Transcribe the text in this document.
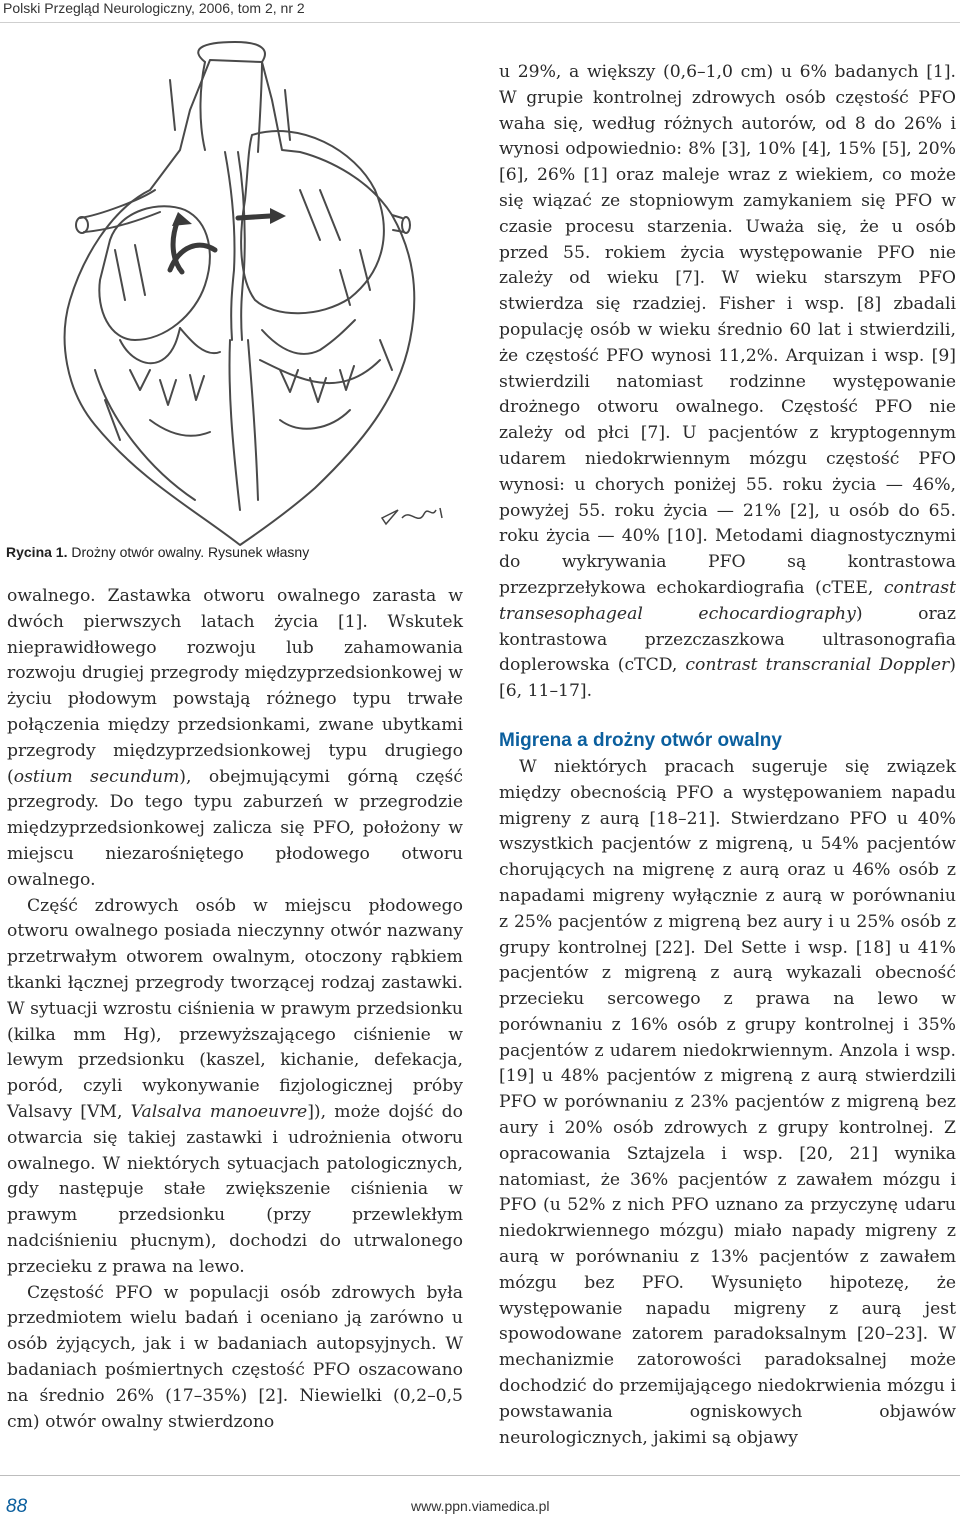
Polski Przegląd Neurologiczny, 2006, tom 2, nr 2
Rycina 1. Drożny otwór owalny. Rysunek własny

owalnego. Zastawka otworu owalnego zarasta w dwóch pierwszych latach życia [1]. Wskutek nieprawidłowego rozwoju lub zahamowania rozwoju drugiej przegrody międzyprzedsionkowej w życiu płodowym powstają różnego typu trwałe połączenia między przedsionkami, zwane ubytkami przegrody międzyprzedsionkowej typu drugiego (ostium secundum), obejmującymi górną część przegrody. Do tego typu zaburzeń w przegrodzie międzyprzedsionkowej zalicza się PFO, położony w miejscu niezarośniętego płodowego otworu owalnego.

Część zdrowych osób w miejscu płodowego otworu owalnego posiada nieczynny otwór nazwany przetrwałym otworem owalnym, otoczony rąbkiem tkanki łącznej przegrody tworzącej rodzaj zastawki. W sytuacji wzrostu ciśnienia w prawym przedsionku (kilka mm Hg), przewyższającego ciśnienie w lewym przedsionku (kaszel, kichanie, defekacja, poród, czyli wykonywanie fizjologicznej próby Valsavy [VM, Valsalva manoeuvre]), może dojść do otwarcia się takiej zastawki i udrożnienia otworu owalnego. W niektórych sytuacjach patologicznych, gdy następuje stałe zwiększenie ciśnienia w prawym przedsionku (przy przewlekłym nadciśnieniu płucnym), dochodzi do utrwalonego przecieku z prawa na lewo.

Częstość PFO w populacji osób zdrowych była przedmiotem wielu badań i oceniano ją zarówno u osób żyjących, jak i w badaniach autopsyjnych. W badaniach pośmiertnych częstość PFO oszacowano na średnio 26% (17–35%) [2]. Niewielki (0,2–0,5 cm) otwór owalny stwierdzono

u 29%, a większy (0,6–1,0 cm) u 6% badanych [1]. W grupie kontrolnej zdrowych osób częstość PFO waha się, według różnych autorów, od 8 do 26% i wynosi odpowiednio: 8% [3], 10% [4], 15% [5], 20% [6], 26% [1] oraz maleje wraz z wiekiem, co może się wiązać ze stopniowym zamykaniem się PFO w czasie procesu starzenia. Uważa się, że u osób przed 55. rokiem życia występowanie PFO nie zależy od wieku [7]. W wieku starszym PFO stwierdza się rzadziej. Fisher i wsp. [8] zbadali populację osób w wieku średnio 60 lat i stwierdzili, że częstość PFO wynosi 11,2%. Arquizan i wsp. [9] stwierdzili natomiast rodzinne występowanie drożnego otworu owalnego. Częstość PFO nie zależy od płci [7]. U pacjentów z kryptogennym udarem niedokrwiennym mózgu częstość PFO wynosi: u chorych poniżej 55. roku życia — 46%, powyżej 55. roku życia — 21% [2], u osób do 65. roku życia — 40% [10]. Metodami diagnostycznymi do wykrywania PFO są kontrastowa przezprzełykowa echokardiografia (cTEE, contrast transesophageal echocardiography) oraz kontrastowa przezczaszkowa ultrasonografia doplerowska (cTCD, contrast transcranial Doppler) [6, 11–17].

Migrena a drożny otwór owalny

W niektórych pracach sugeruje się związek między obecnością PFO a występowaniem napadu migreny z aurą [18–21]. Stwierdzano PFO u 40% wszystkich pacjentów z migreną, u 54% pacjentów chorujących na migrenę z aurą oraz u 46% osób z napadami migreny wyłącznie z aurą w porównaniu z 25% pacjentów z migreną bez aury i u 25% osób z grupy kontrolnej [22]. Del Sette i wsp. [18] u 41% pacjentów z migreną z aurą wykazali obecność przecieku sercowego z prawa na lewo w porównaniu z 16% osób z grupy kontrolnej i 35% pacjentów z udarem niedokrwiennym. Anzola i wsp. [19] u 48% pacjentów z migreną z aurą stwierdzili PFO w porównaniu z 23% pacjentów z migreną bez aury i 20% osób zdrowych z grupy kontrolnej. Z opracowania Sztajzela i wsp. [20, 21] wynika natomiast, że 36% pacjentów z zawałem mózgu i PFO (u 52% z nich PFO uznano za przyczynę udaru niedokrwiennego mózgu) miało napady migreny z aurą w porównaniu z 13% pacjentów z zawałem mózgu bez PFO. Wysunięto hipotezę, że występowanie napadu migreny z aurą jest spowodowane zatorem paradoksalnym [20–23]. W mechanizmie zatorowości paradoksalnej może dochodzić do przemijającego niedokrwienia mózgu i powstawania ogniskowych objawów neurologicznych, jakimi są objawy

88	www.ppn.viamedica.pl
